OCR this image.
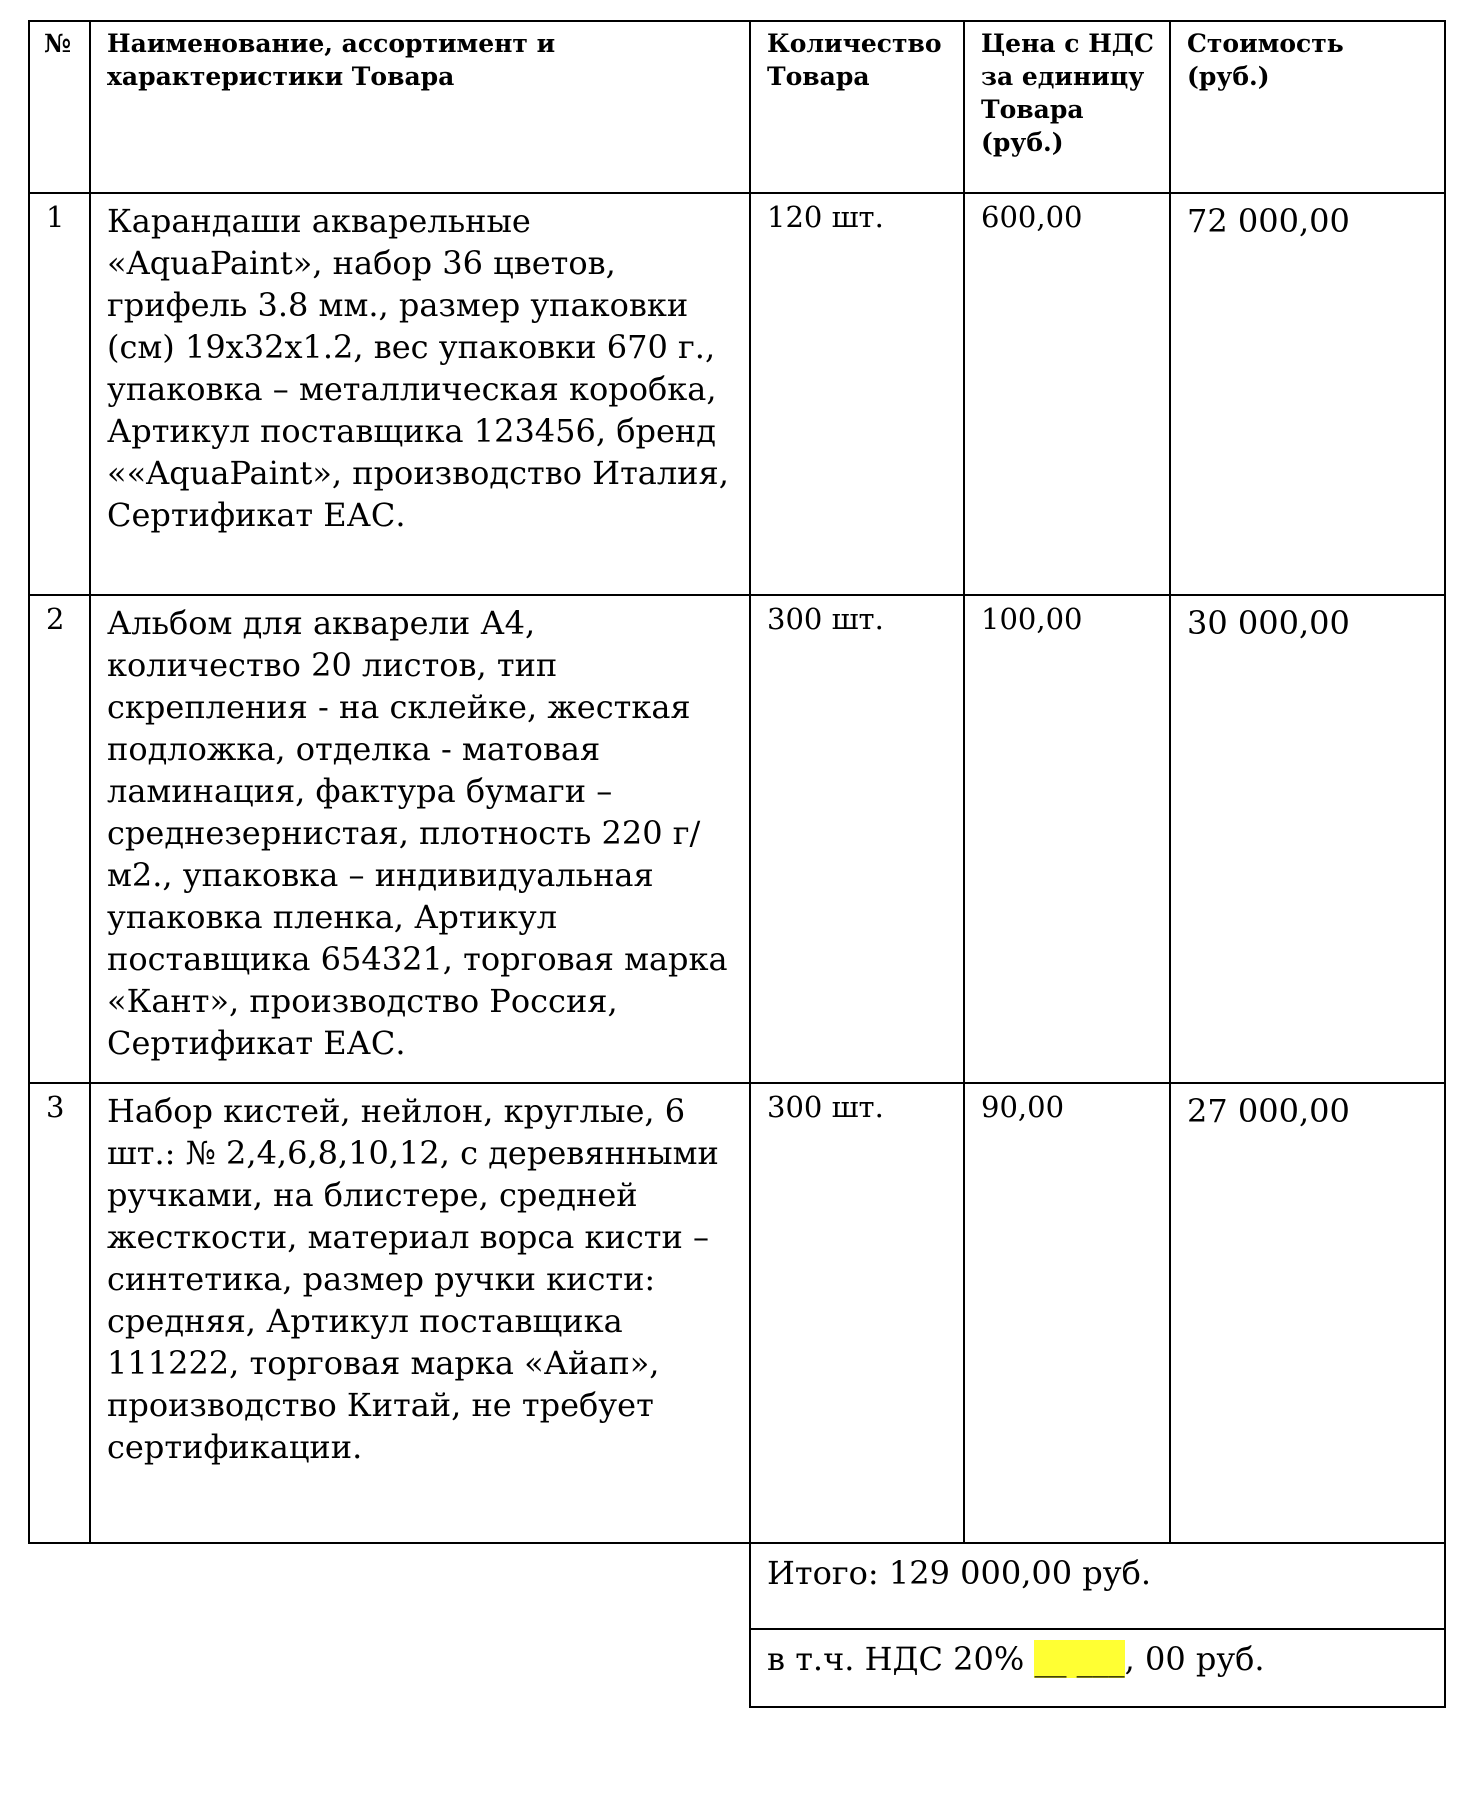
№	Наименование, ассортимент и характеристики Товара	Количество Товара	Цена с НДС за единицу Товара (руб.)	Стоимость (руб.)
1	Карандаши акварельные «AquaPaint», набор 36 цветов, грифель 3.8 мм., размер упаковки (см) 19х32х1.2, вес упаковки 670 г., упаковка – металлическая коробка, Артикул поставщика 123456, бренд ««AquaPaint», производство Италия, Сертификат ЕАС.	120 шт.	600,00	72 000,00
2	Альбом для акварели А4, количество 20 листов, тип скрепления - на склейке, жесткая подложка, отделка - матовая ламинация, фактура бумаги – среднезернистая, плотность 220 г/м2., упаковка – индивидуальная упаковка пленка, Артикул поставщика 654321, торговая марка «Кант», производство Россия, Сертификат ЕАС.	300 шт.	100,00	30 000,00
3	Набор кистей, нейлон, круглые, 6 шт.: № 2,4,6,8,10,12, с деревянными ручками, на блистере, средней жесткости, материал ворса кисти – синтетика, размер ручки кисти: средняя, Артикул поставщика 111222, торговая марка «Айап», производство Китай, не требует сертификации.	300 шт.	90,00	27 000,00
		Итого: 129 000,00 руб.		
		в т.ч. НДС 20% __ ___, 00 руб.		
